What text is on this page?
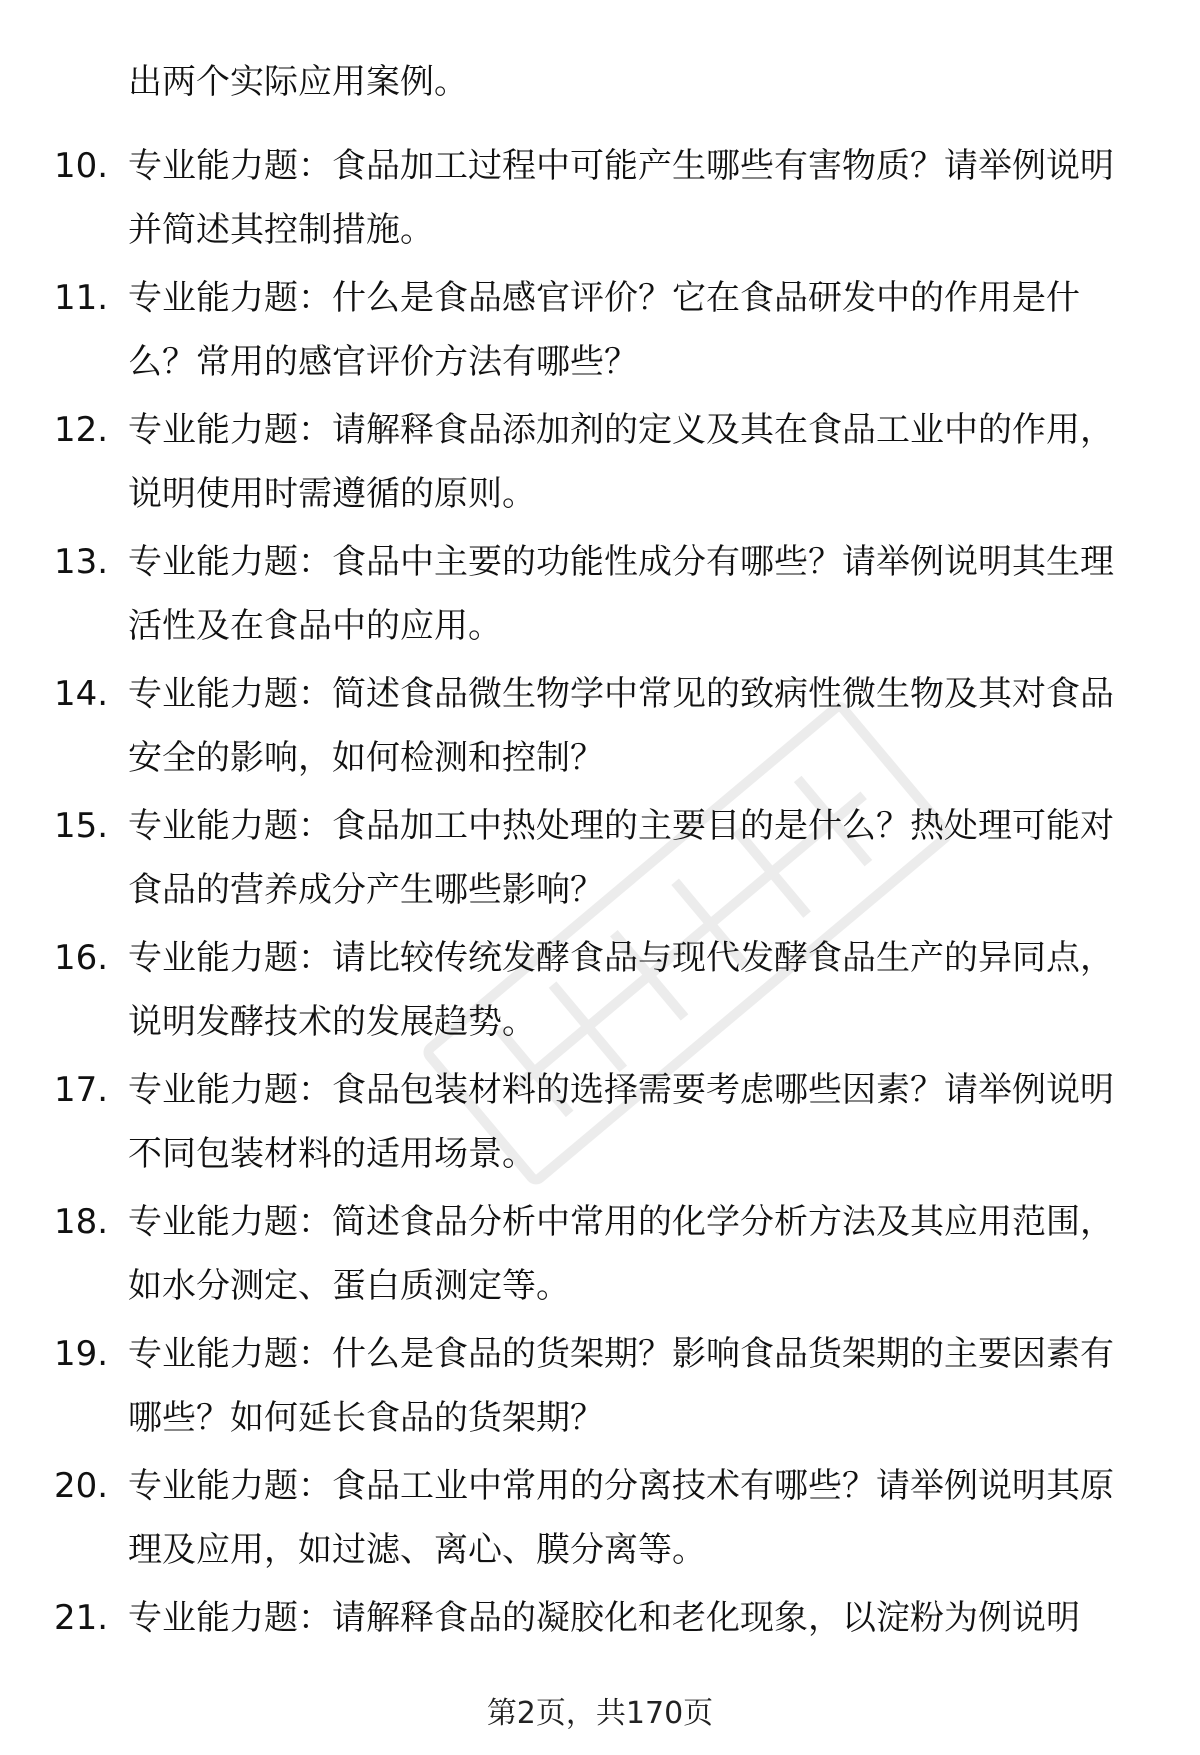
出两个实际应用案例。

10. 专业能力题：食品加工过程中可能产生哪些有害物质？请举例说明并简述其控制措施。

11. 专业能力题：什么是食品感官评价？它在食品研发中的作用是什么？常用的感官评价方法有哪些？

12. 专业能力题：请解释食品添加剂的定义及其在食品工业中的作用，说明使用时需遵循的原则。

13. 专业能力题：食品中主要的功能性成分有哪些？请举例说明其生理活性及在食品中的应用。

14. 专业能力题：简述食品微生物学中常见的致病性微生物及其对食品安全的影响，如何检测和控制？

15. 专业能力题：食品加工中热处理的主要目的是什么？热处理可能对食品的营养成分产生哪些影响？

16. 专业能力题：请比较传统发酵食品与现代发酵食品生产的异同点，说明发酵技术的发展趋势。

17. 专业能力题：食品包装材料的选择需要考虑哪些因素？请举例说明不同包装材料的适用场景。

18. 专业能力题：简述食品分析中常用的化学分析方法及其应用范围，如水分测定、蛋白质测定等。

19. 专业能力题：什么是食品的货架期？影响食品货架期的主要因素有哪些？如何延长食品的货架期？

20. 专业能力题：食品工业中常用的分离技术有哪些？请举例说明其原理及应用，如过滤、离心、膜分离等。

21. 专业能力题：请解释食品的凝胶化和老化现象，以淀粉为例说明

第2页，共170页
